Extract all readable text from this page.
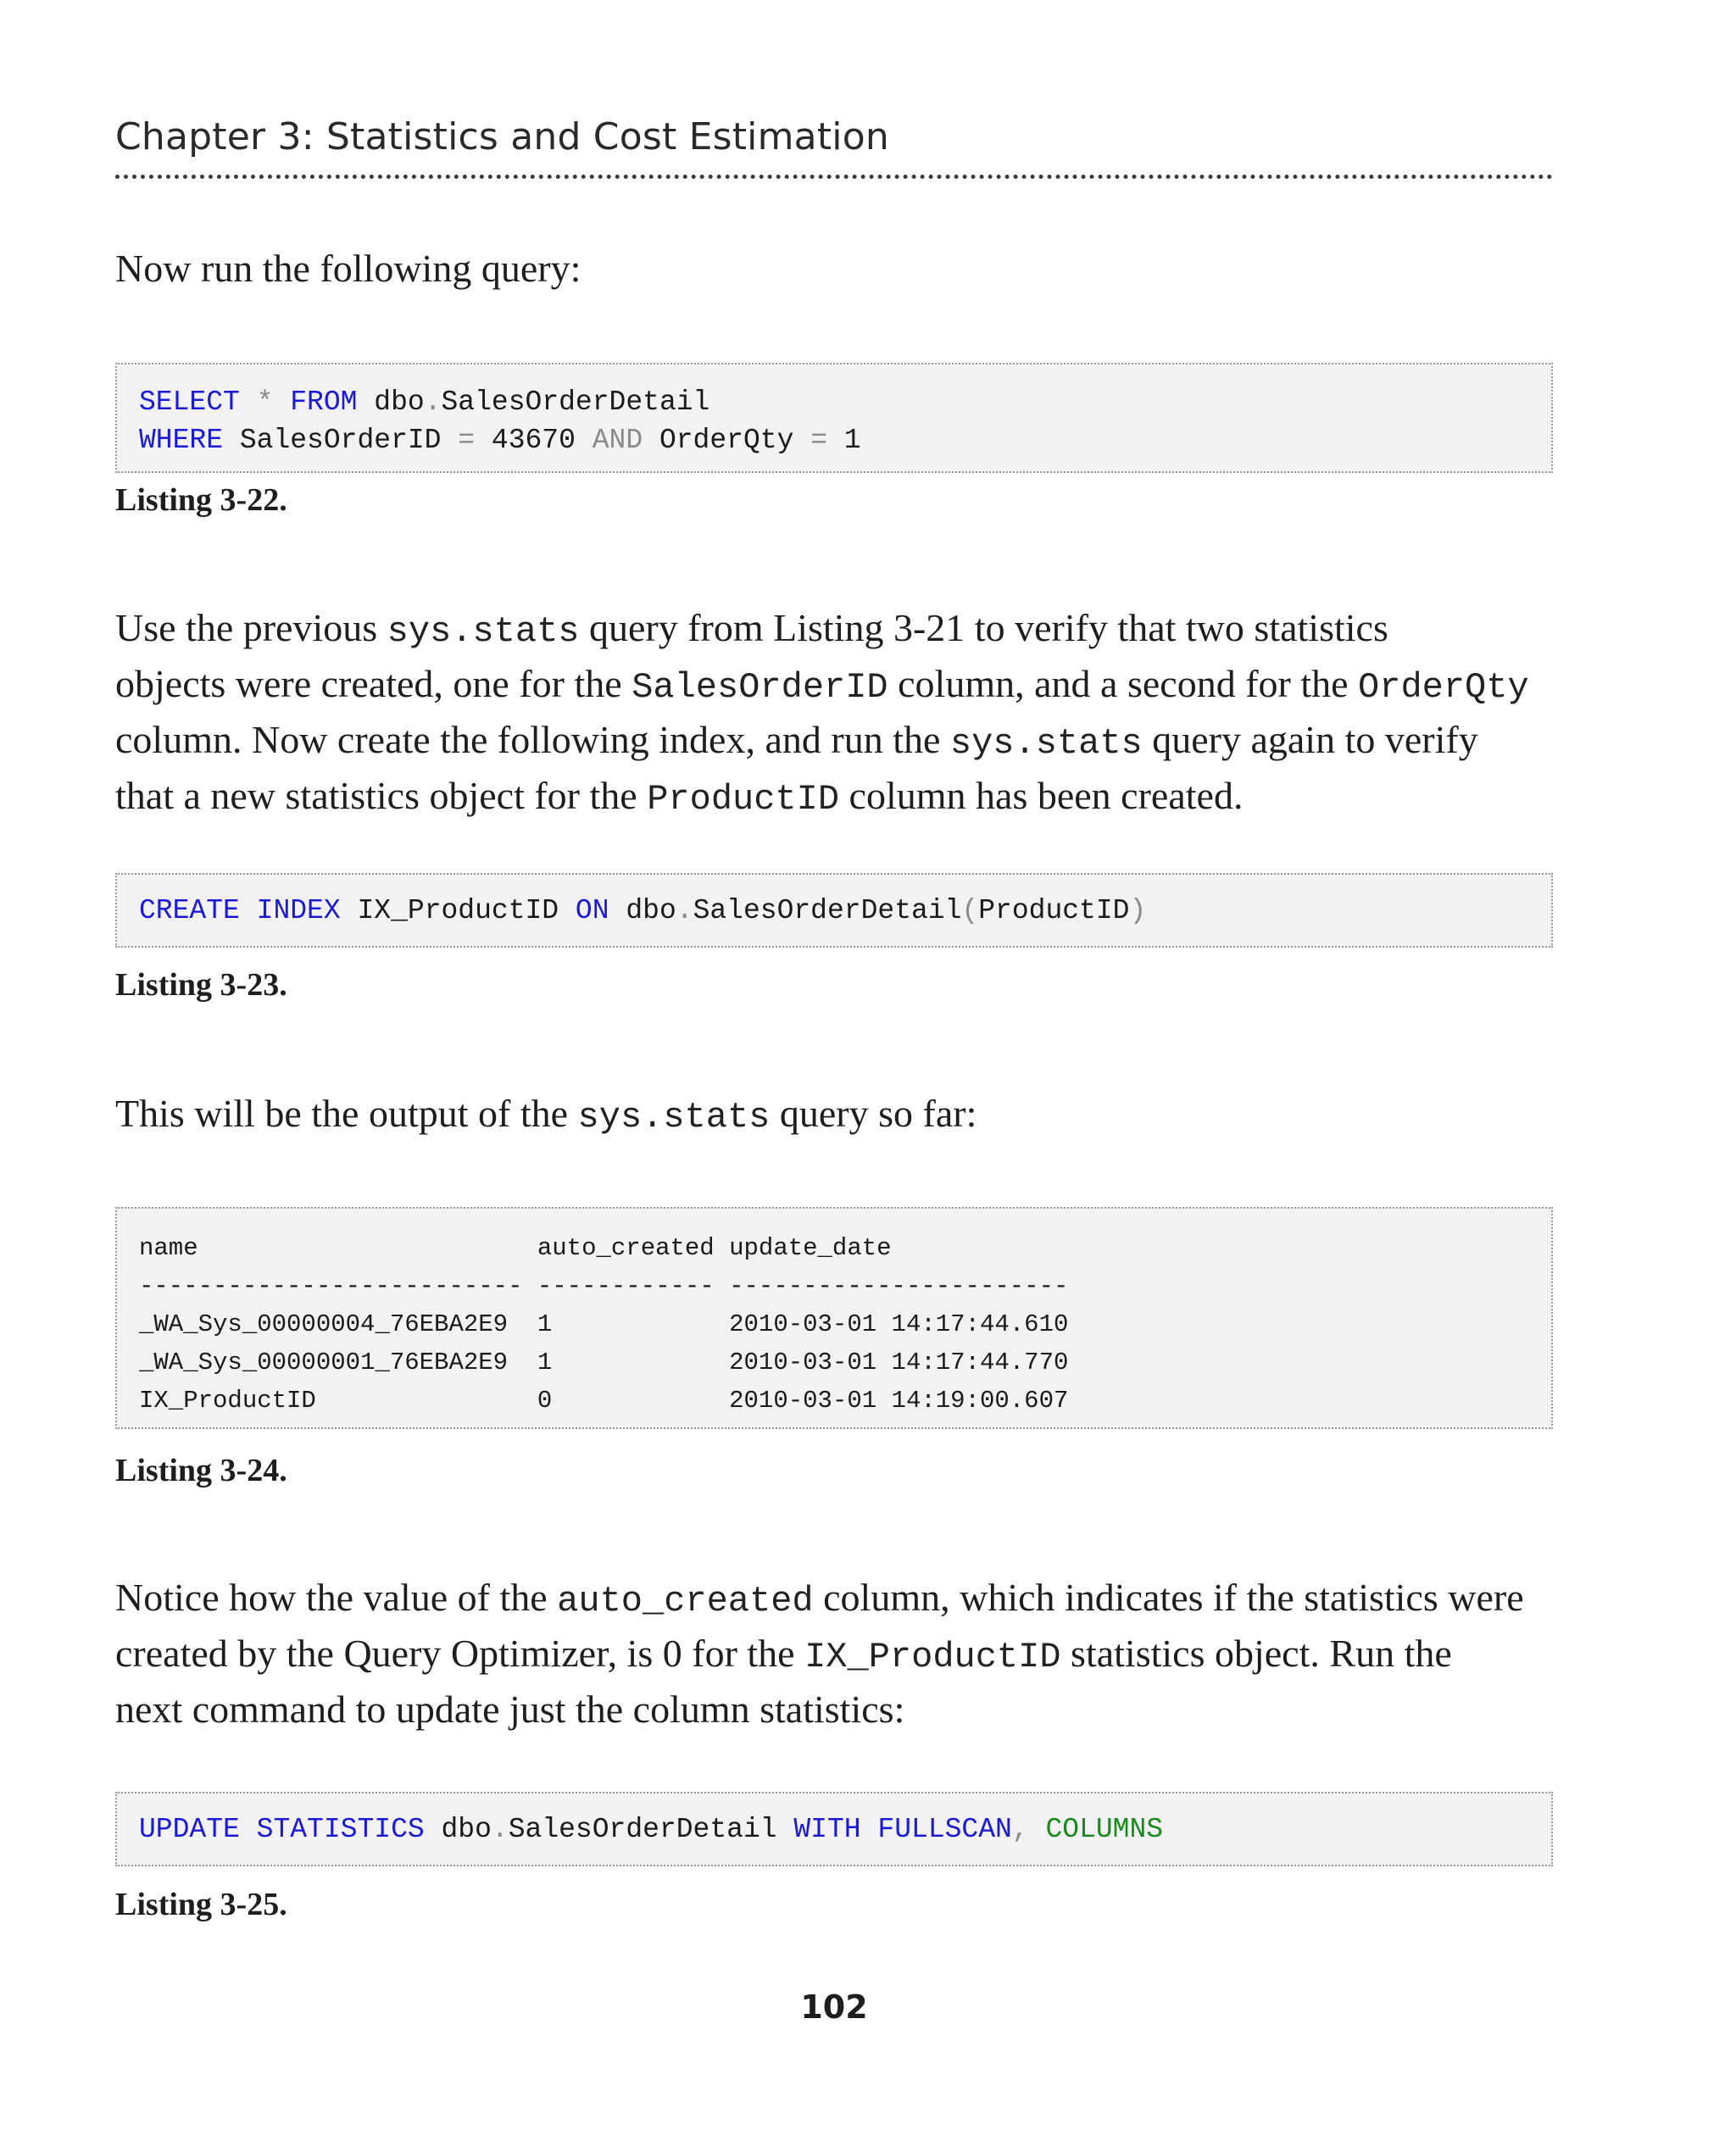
Chapter 3: Statistics and Cost Estimation
Now run the following query:

SELECT * FROM dbo.SalesOrderDetail

WHERE SalesOrderID = 43670 AND OrderQty = 1

Listing 3-22.
Use the previous sys.stats query from Listing 3-21 to verify that two statistics
objects were created, one for the SalesOrderID column, and a second for the OrderQty
column. Now create the following index, and run the sys.stats query again to verify
that a new statistics object for the ProductID column has been created.

CREATE INDEX IX_ProductID ON dbo.SalesOrderDetail(ProductID)

Listing 3-23.
This will be the output of the sys.stats query so far:

name                       auto_created update_date

-------------------------- ------------ -----------------------

_WA_Sys_00000004_76EBA2E9  1            2010-03-01 14:17:44.610

_WA_Sys_00000001_76EBA2E9  1            2010-03-01 14:17:44.770

IX_ProductID               0            2010-03-01 14:19:00.607

Listing 3-24.
Notice how the value of the auto_created column, which indicates if the statistics were
created by the Query Optimizer, is 0 for the IX_ProductID statistics object. Run the
next command to update just the column statistics:

UPDATE STATISTICS dbo.SalesOrderDetail WITH FULLSCAN, COLUMNS

Listing 3-25.
102
